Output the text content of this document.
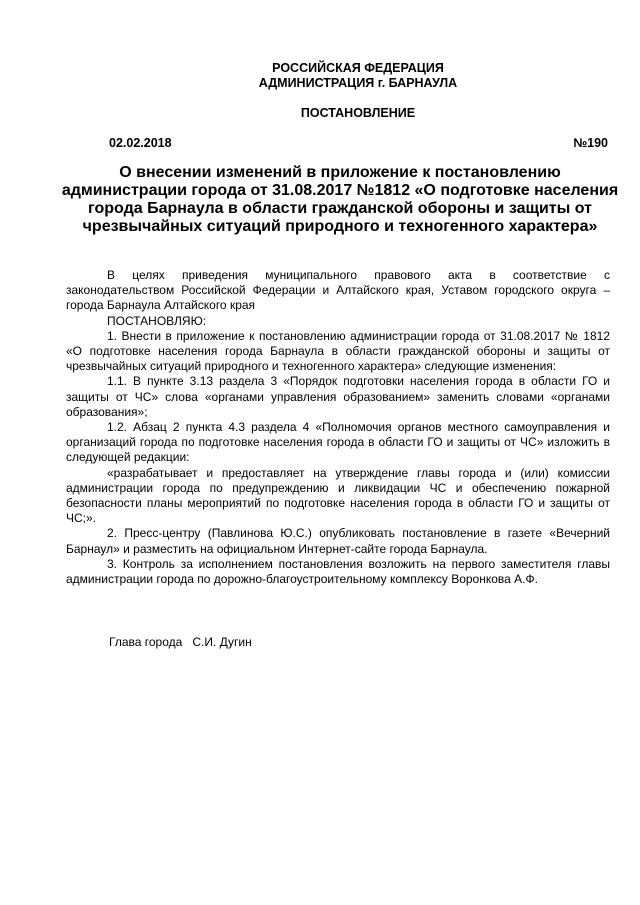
РОССИЙСКАЯ ФЕДЕРАЦИЯ
АДМИНИСТРАЦИЯ г. БАРНАУЛА
ПОСТАНОВЛЕНИЕ
02.02.2018	№190
О внесении изменений в приложение к постановлению администрации города от 31.08.2017 №1812 «О подготовке населения города Барнаула в области гражданской обороны и защиты от чрезвычайных ситуаций природного и техногенного характера»

В целях приведения муниципального правового акта в соответствие с законодательством Российской Федерации и Алтайского края, Уставом городского округа – города Барнаула Алтайского края

ПОСТАНОВЛЯЮ:

1. Внести в приложение к постановлению администрации города от 31.08.2017 № 1812 «О подготовке населения города Барнаула в области гражданской обороны и защиты от чрезвычайных ситуаций природного и техногенного характера» следующие изменения:

1.1. В пункте 3.13 раздела 3 «Порядок подготовки населения города в области ГО и защиты от ЧС» слова «органами управления образованием» заменить словами «органами образования»;

1.2. Абзац 2 пункта 4.3 раздела 4 «Полномочия органов местного самоуправления и организаций города по подготовке населения города в области ГО и защиты от ЧС» изложить в следующей редакции:

«разрабатывает и предоставляет на утверждение главы города и (или) комиссии администрации города по предупреждению и ликвидации ЧС и обеспечению пожарной безопасности планы мероприятий по подготовке населения города в области ГО и защиты от ЧС;».

2. Пресс-центру (Павлинова Ю.С.) опубликовать постановление в газете «Вечерний Барнаул» и разместить на официальном Интернет-сайте города Барнаула.

3. Контроль за исполнением постановления возложить на первого заместителя главы администрации города по дорожно-благоустроительному комплексу Воронкова А.Ф.

Глава города С.И. Дугин
